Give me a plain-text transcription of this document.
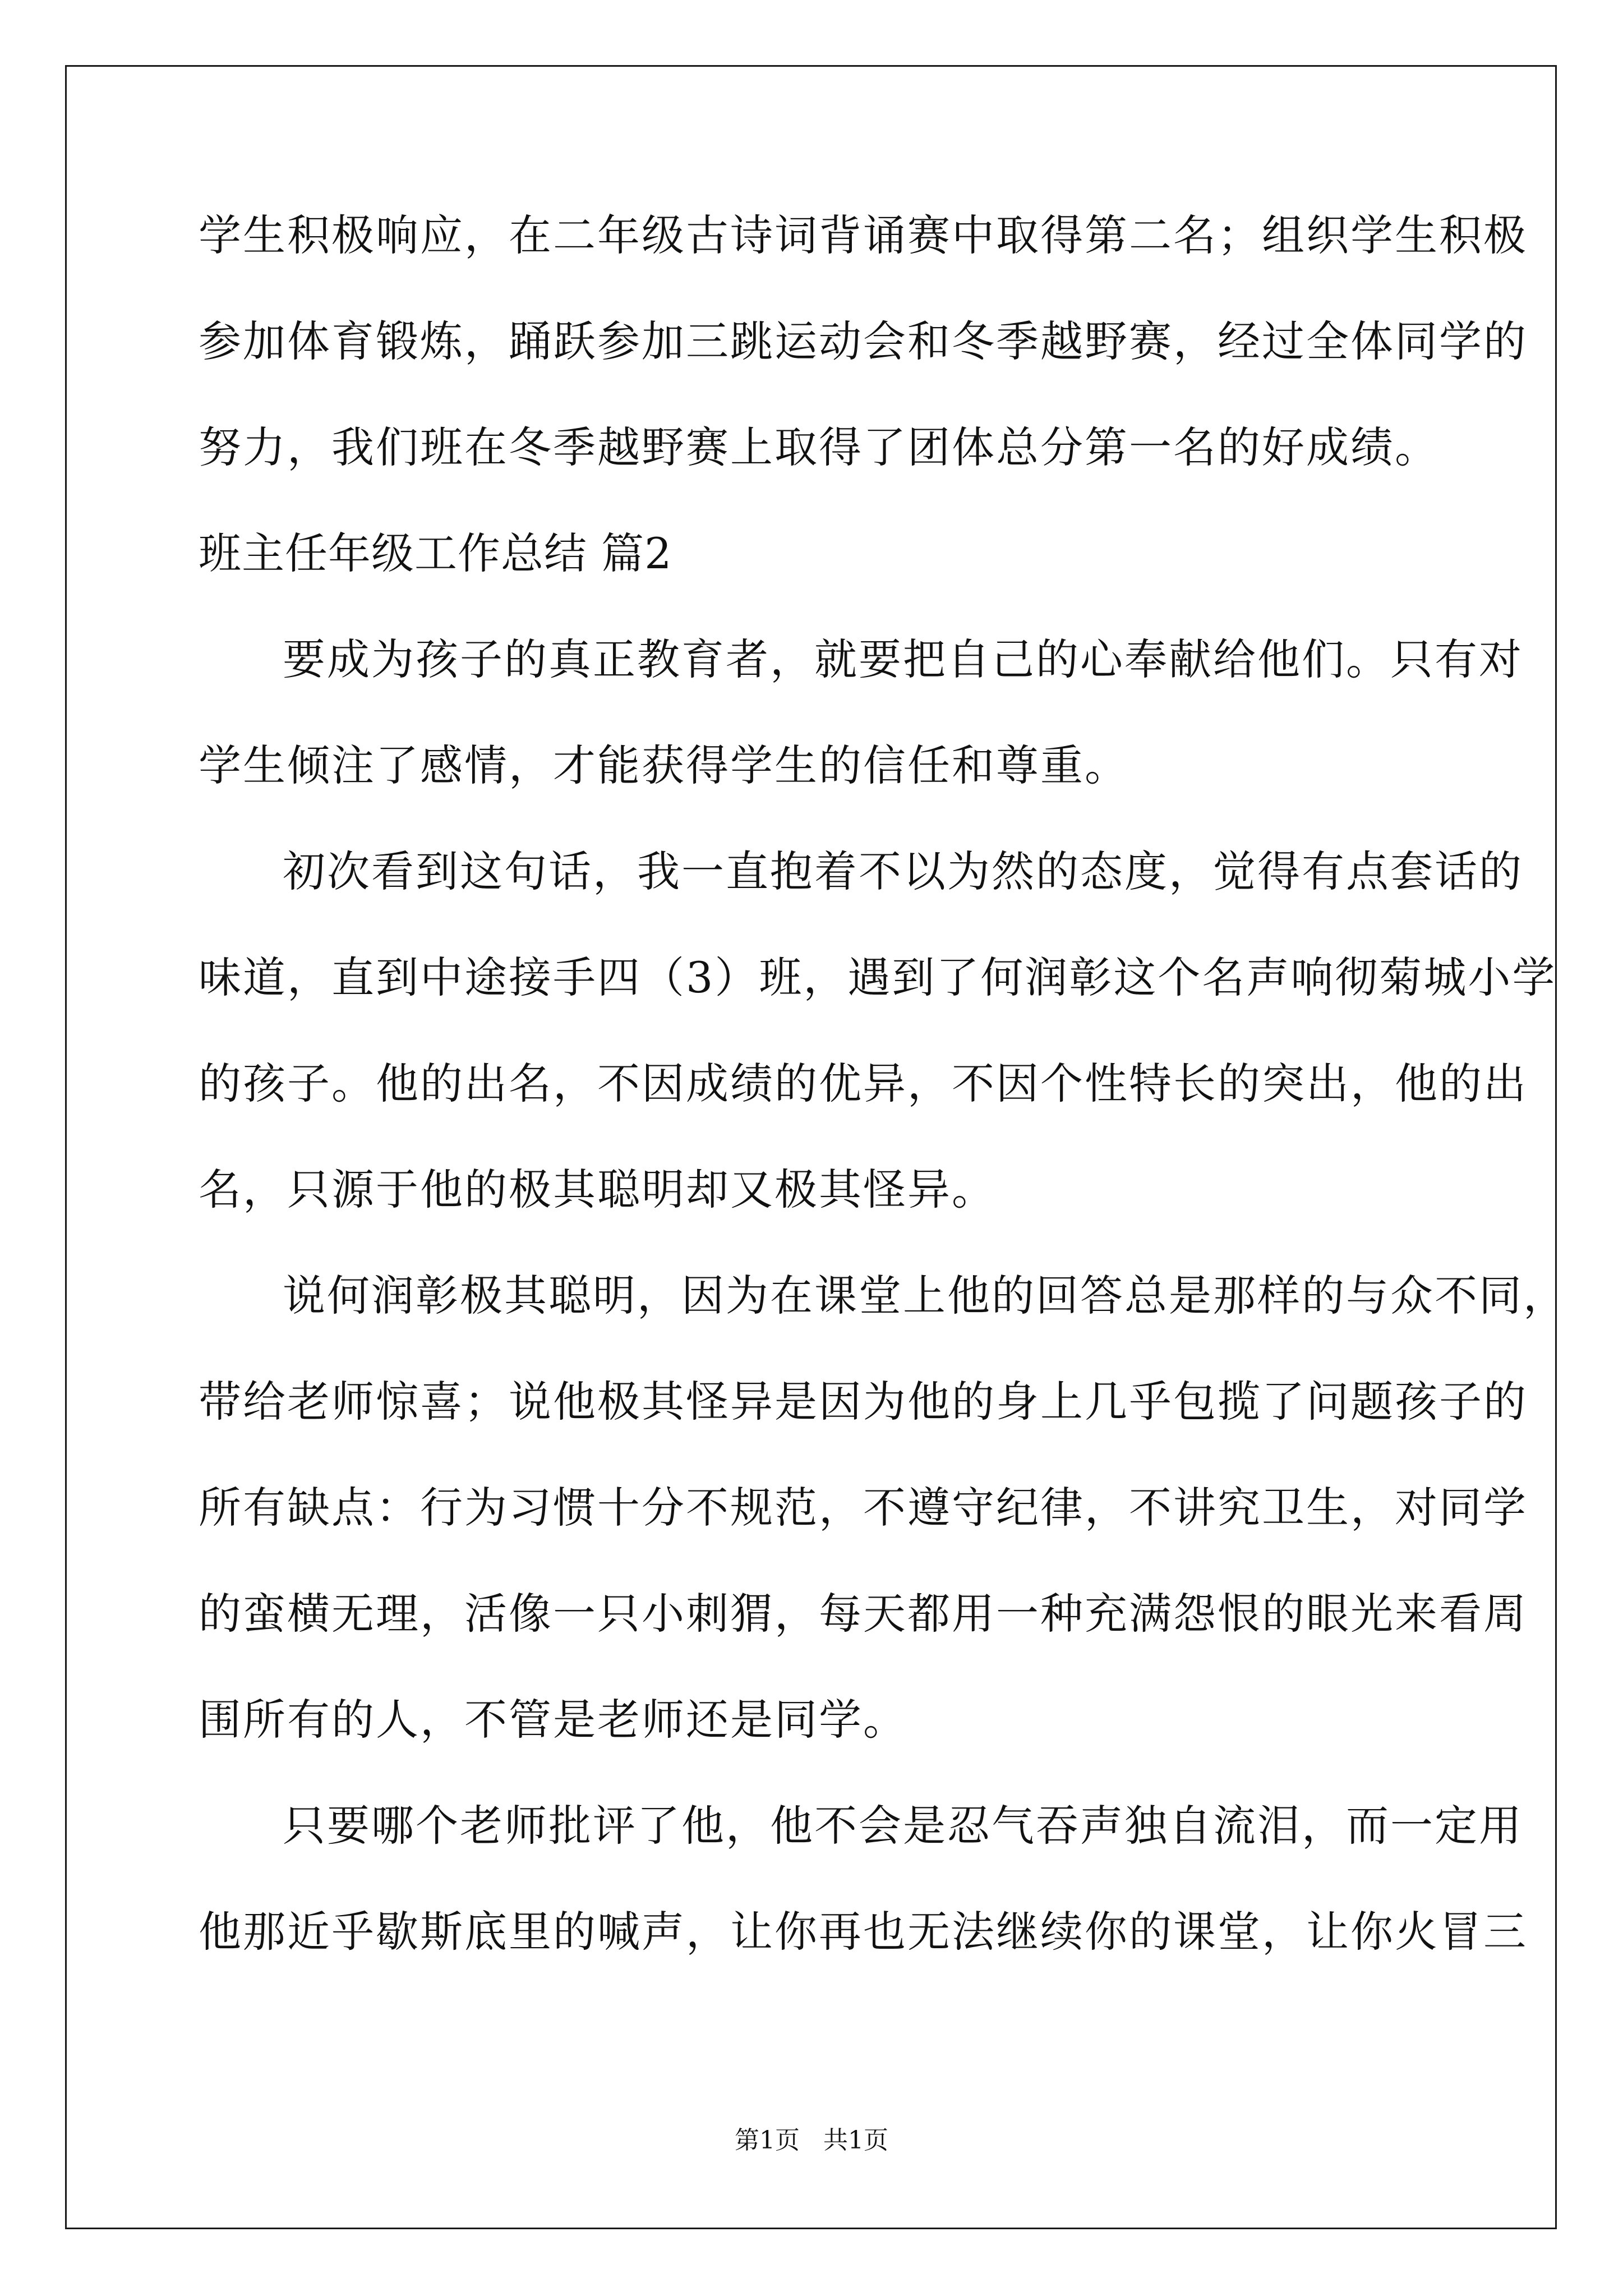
学生积极响应，在二年级古诗词背诵赛中取得第二名；组织学生积极
参加体育锻炼，踊跃参加三跳运动会和冬季越野赛，经过全体同学的
努力，我们班在冬季越野赛上取得了团体总分第一名的好成绩。
班主任年级工作总结 篇2
要成为孩子的真正教育者，就要把自己的心奉献给他们。只有对
学生倾注了感情，才能获得学生的信任和尊重。
初次看到这句话，我一直抱着不以为然的态度，觉得有点套话的
味道，直到中途接手四（3）班，遇到了何润彰这个名声响彻菊城小学
的孩子。他的出名，不因成绩的优异，不因个性特长的突出，他的出
名，只源于他的极其聪明却又极其怪异。
说何润彰极其聪明，因为在课堂上他的回答总是那样的与众不同，
带给老师惊喜；说他极其怪异是因为他的身上几乎包揽了问题孩子的
所有缺点：行为习惯十分不规范，不遵守纪律，不讲究卫生，对同学
的蛮横无理，活像一只小刺猬，每天都用一种充满怨恨的眼光来看周
围所有的人，不管是老师还是同学。
只要哪个老师批评了他，他不会是忍气吞声独自流泪，而一定用
他那近乎歇斯底里的喊声，让你再也无法继续你的课堂，让你火冒三
第1页   共1页
